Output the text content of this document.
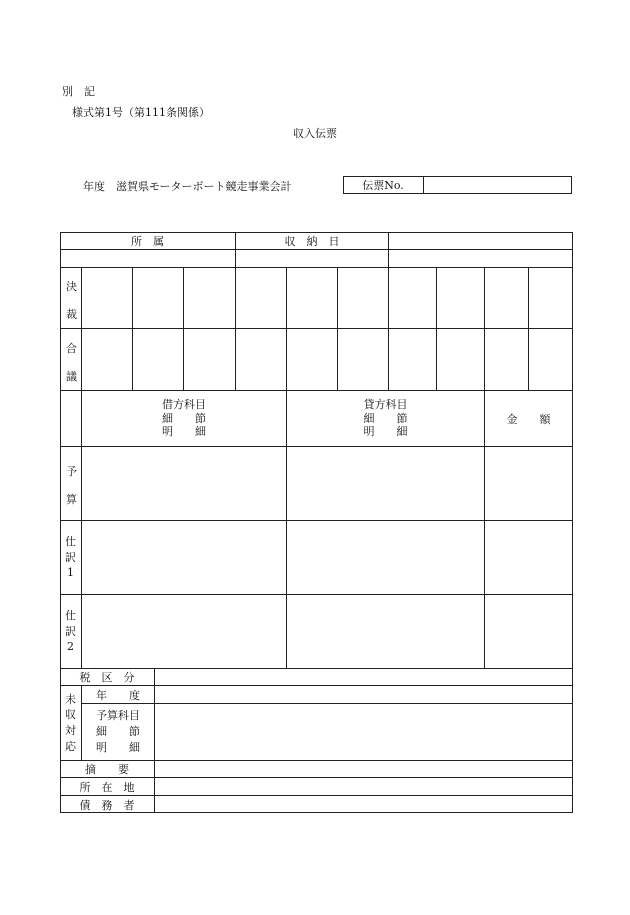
別　記
様式第1号（第111条関係）
収入伝票
年度 滋賀県モーターボート競走事業会計	伝票No.
所　属	収　納　日
決
裁
合
議
借方科目
細　　節
明　　細
貸方科目
細　　節
明　　細
金　　額
予
算
仕
訳
1
仕
訳
2
税　区　分
未
収
対
応
年　　度
予算科目
細　　節
明　　細
摘　　要
所　在　地
債　務　者
